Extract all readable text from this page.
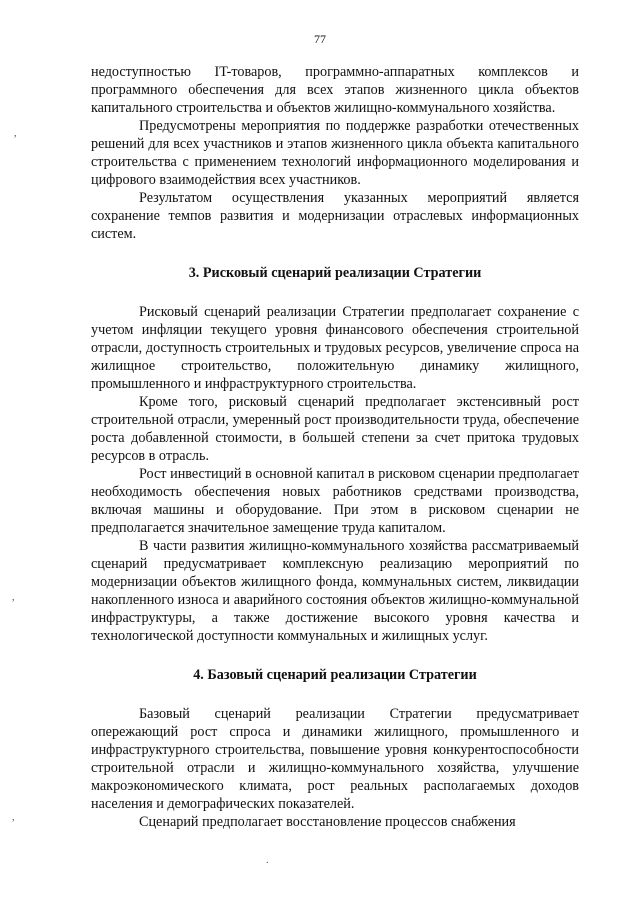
77

недоступностью IT-товаров, программно-аппаратных комплексов и программного обеспечения для всех этапов жизненного цикла объектов капитального строительства и объектов жилищно-коммунального хозяйства.

Предусмотрены мероприятия по поддержке разработки отечественных решений для всех участников и этапов жизненного цикла объекта капитального строительства с применением технологий информационного моделирования и цифрового взаимодействия всех участников.

Результатом осуществления указанных мероприятий является сохранение темпов развития и модернизации отраслевых информационных систем.

3. Рисковый сценарий реализации Стратегии

Рисковый сценарий реализации Стратегии предполагает сохранение с учетом инфляции текущего уровня финансового обеспечения строительной отрасли, доступность строительных и трудовых ресурсов, увеличение спроса на жилищное строительство, положительную динамику жилищного, промышленного и инфраструктурного строительства.

Кроме того, рисковый сценарий предполагает экстенсивный рост строительной отрасли, умеренный рост производительности труда, обеспечение роста добавленной стоимости, в большей степени за счет притока трудовых ресурсов в отрасль.

Рост инвестиций в основной капитал в рисковом сценарии предполагает необходимость обеспечения новых работников средствами производства, включая машины и оборудование. При этом в рисковом сценарии не предполагается значительное замещение труда капиталом.

В части развития жилищно-коммунального хозяйства рассматриваемый сценарий предусматривает комплексную реализацию мероприятий по модернизации объектов жилищного фонда, коммунальных систем, ликвидации накопленного износа и аварийного состояния объектов жилищно-коммунальной инфраструктуры, а также достижение высокого уровня качества и технологической доступности коммунальных и жилищных услуг.

4. Базовый сценарий реализации Стратегии

Базовый сценарий реализации Стратегии предусматривает опережающий рост спроса и динамики жилищного, промышленного и инфраструктурного строительства, повышение уровня конкурентоспособности строительной отрасли и жилищно-коммунального хозяйства, улучшение макроэкономического климата, рост реальных располагаемых доходов населения и демографических показателей.

Сценарий предполагает восстановление процессов снабжения

,
,
,
.
